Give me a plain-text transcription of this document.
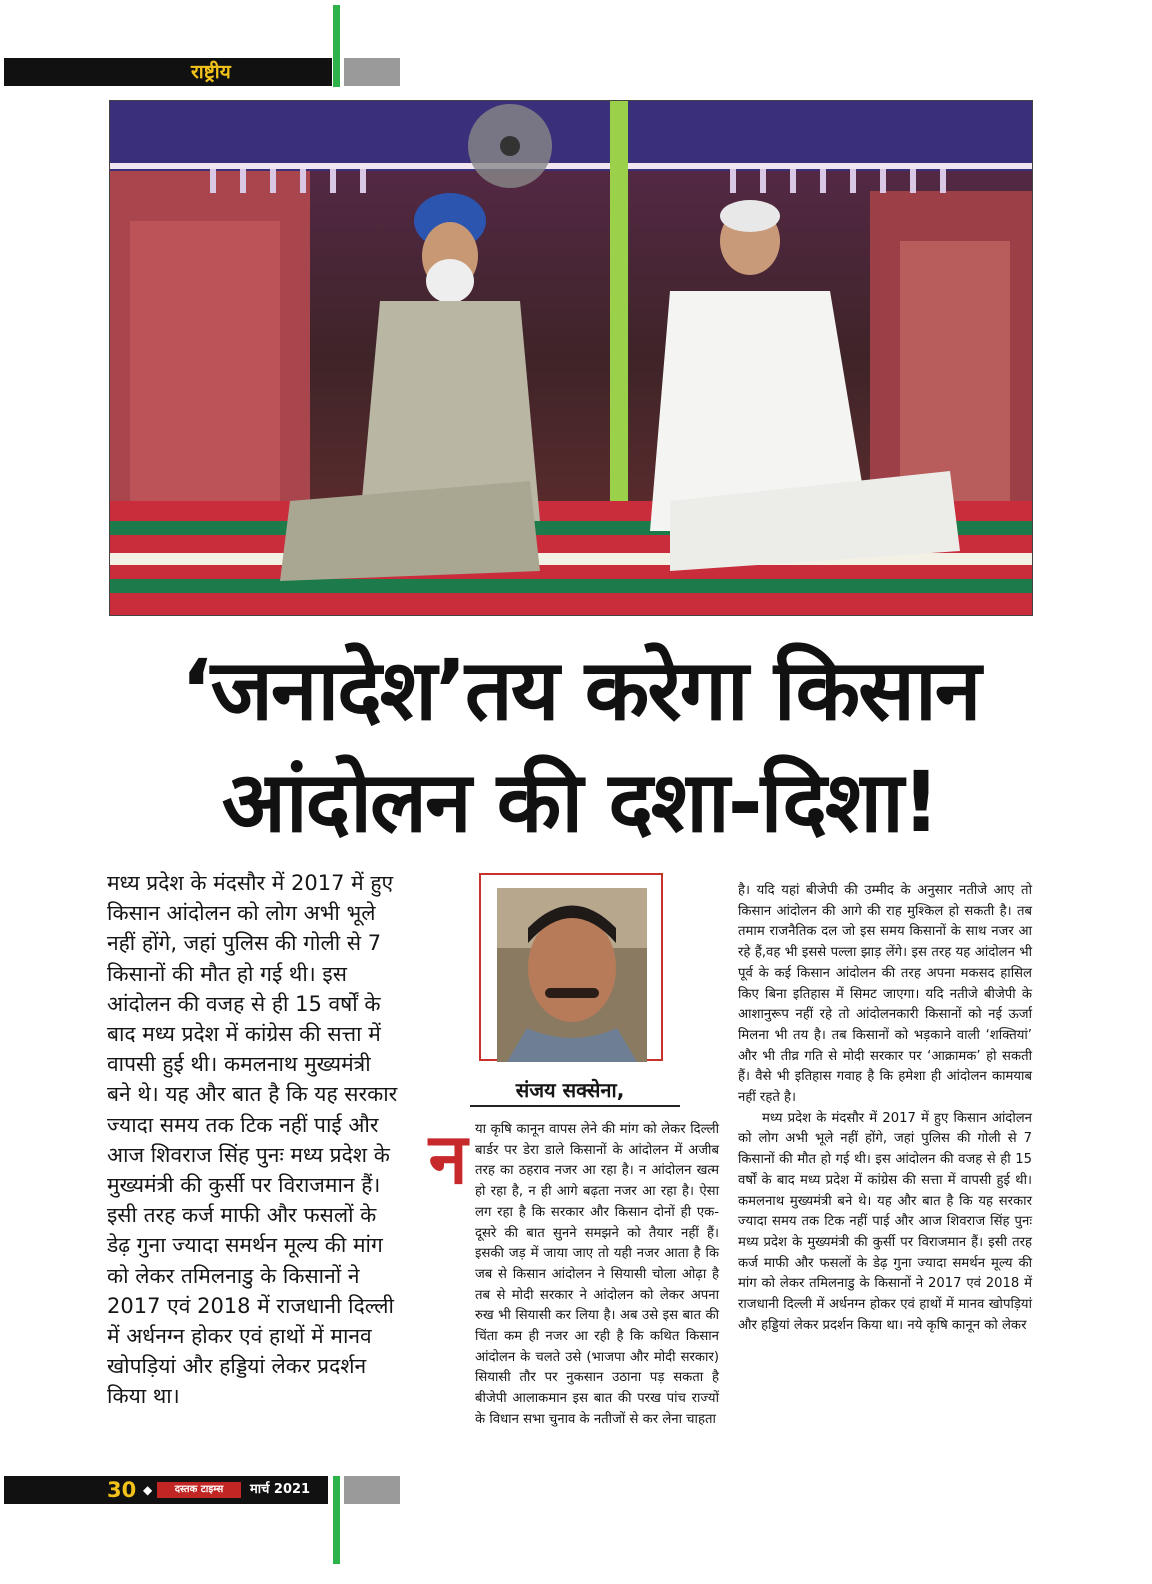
राष्ट्रीय
‘जनादेश’तय करेगा किसान
आंदोलन की दशा-दिशा!
मध्य प्रदेश के मंदसौर में 2017 में हुए किसान आंदोलन को लोग अभी भूले नहीं होंगे, जहां पुलिस की गोली से 7 किसानों की मौत हो गई थी। इस आंदोलन की वजह से ही 15 वर्षों के बाद मध्य प्रदेश में कांग्रेस की सत्ता में वापसी हुई थी। कमलनाथ मुख्यमंत्री बने थे। यह और बात है कि यह सरकार ज्यादा समय तक टिक नहीं पाई और आज शिवराज सिंह पुनः मध्य प्रदेश के मुख्यमंत्री की कुर्सी पर विराजमान हैं। इसी तरह कर्ज माफी और फसलों के डेढ़ गुना ज्यादा समर्थन मूल्य की मांग को लेकर तमिलनाडु के किसानों ने 2017 एवं 2018 में राजधानी दिल्ली में अर्धनग्न होकर एवं हाथों में मानव खोपड़ियां और हड्डियां लेकर प्रदर्शन किया था।
संजय सक्सेना,
न या कृषि कानून वापस लेने की मांग को लेकर दिल्ली बार्डर पर डेरा डाले किसानों के आंदोलन में अजीब तरह का ठहराव नजर आ रहा है। न आंदोलन खत्म हो रहा है, न ही आगे बढ़ता नजर आ रहा है। ऐसा लग रहा है कि सरकार और किसान दोनों ही एक-दूसरे की बात सुनने समझने को तैयार नहीं हैं। इसकी जड़ में जाया जाए तो यही नजर आता है कि जब से किसान आंदोलन ने सियासी चोला ओढ़ा है तब से मोदी सरकार ने आंदोलन को लेकर अपना रुख भी सियासी कर लिया है। अब उसे इस बात की चिंता कम ही नजर आ रही है कि कथित किसान आंदोलन के चलते उसे (भाजपा और मोदी सरकार) सियासी तौर पर नुकसान उठाना पड़ सकता है बीजेपी आलाकमान इस बात की परख पांच राज्यों के विधान सभा चुनाव के नतीजों से कर लेना चाहता

है। यदि यहां बीजेपी की उम्मीद के अनुसार नतीजे आए तो किसान आंदोलन की आगे की राह मुश्किल हो सकती है। तब तमाम राजनैतिक दल जो इस समय किसानों के साथ नजर आ रहे हैं,वह भी इससे पल्ला झाड़ लेंगे। इस तरह यह आंदोलन भी पूर्व के कई किसान आंदोलन की तरह अपना मकसद हासिल किए बिना इतिहास में सिमट जाएगा। यदि नतीजे बीजेपी के आशानुरूप नहीं रहे तो आंदोलनकारी किसानों को नई ऊर्जा मिलना भी तय है। तब किसानों को भड़काने वाली ‘शक्तियां’ और भी तीव्र गति से मोदी सरकार पर ‘आक्रामक’ हो सकती हैं। वैसे भी इतिहास गवाह है कि हमेशा ही आंदोलन कामयाब नहीं रहते है।

मध्य प्रदेश के मंदसौर में 2017 में हुए किसान आंदोलन को लोग अभी भूले नहीं होंगे, जहां पुलिस की गोली से 7 किसानों की मौत हो गई थी। इस आंदोलन की वजह से ही 15 वर्षों के बाद मध्य प्रदेश में कांग्रेस की सत्ता में वापसी हुई थी। कमलनाथ मुख्यमंत्री बने थे। यह और बात है कि यह सरकार ज्यादा समय तक टिक नहीं पाई और आज शिवराज सिंह पुनः मध्य प्रदेश के मुख्यमंत्री की कुर्सी पर विराजमान हैं। इसी तरह कर्ज माफी और फसलों के डेढ़ गुना ज्यादा समर्थन मूल्य की मांग को लेकर तमिलनाडु के किसानों ने 2017 एवं 2018 में राजधानी दिल्ली में अर्धनग्न होकर एवं हाथों में मानव खोपड़ियां और हड्डियां लेकर प्रदर्शन किया था। नये कृषि कानून को लेकर

30 ◆	दस्तक टाइम्स	मार्च 2021
